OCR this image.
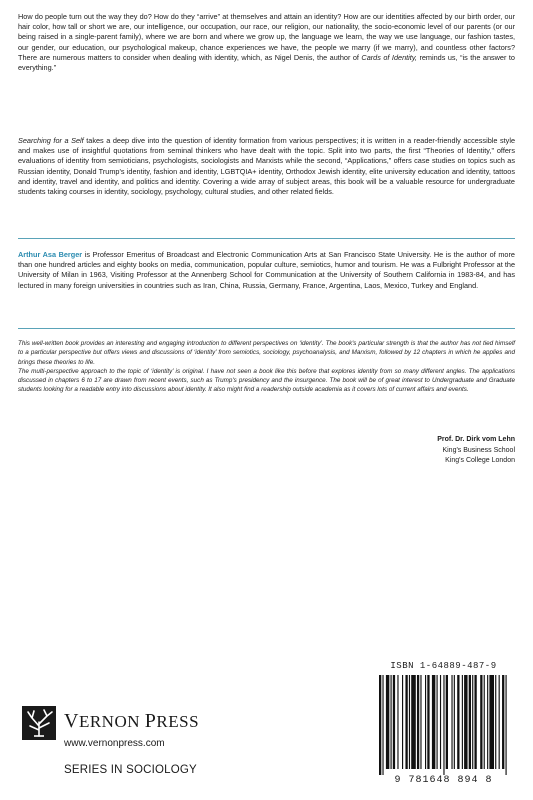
How do people turn out the way they do? How do they “arrive” at themselves and attain an identity? How are our identities affected by our birth order, our hair color, how tall or short we are, our intelligence, our occupation, our race, our religion, our nationality, the socio-economic level of our parents (or our being raised in a single-parent family), where we are born and where we grow up, the language we learn, the way we use language, our fashion tastes, our gender, our education, our psychological makeup, chance experiences we have, the people we marry (if we marry), and countless other factors? There are numerous matters to consider when dealing with identity, which, as Nigel Denis, the author of Cards of Identity, reminds us, “is the answer to everything.”

Searching for a Self takes a deep dive into the question of identity formation from various perspectives; it is written in a reader-friendly accessible style and makes use of insightful quotations from seminal thinkers who have dealt with the topic. Split into two parts, the first “Theories of Identity,” offers evaluations of identity from semioticians, psychologists, sociologists and Marxists while the second, “Applications,” offers case studies on topics such as Russian identity, Donald Trump's identity, fashion and identity, LGBTQIA+ identity, Orthodox Jewish identity, elite university education and identity, tattoos and identity, travel and identity, and politics and identity. Covering a wide array of subject areas, this book will be a valuable resource for undergraduate students taking courses in identity, sociology, psychology, cultural studies, and other related fields.

Arthur Asa Berger is Professor Emeritus of Broadcast and Electronic Communication Arts at San Francisco State University. He is the author of more than one hundred articles and eighty books on media, communication, popular culture, semiotics, humor and tourism. He was a Fulbright Professor at the University of Milan in 1963, Visiting Professor at the Annenberg School for Communication at the University of Southern California in 1983-84, and has lectured in many foreign universities in countries such as Iran, China, Russia, Germany, France, Argentina, Laos, Mexico, Turkey and England.

This well-written book provides an interesting and engaging introduction to different perspectives on ‘identity’. The book's particular strength is that the author has not tied himself to a particular perspective but offers views and discussions of ‘identity’ from semiotics, sociology, psychoanalysis, and Marxism, followed by 12 chapters in which he applies and brings these theories to life.

The multi-perspective approach to the topic of ‘identity’ is original. I have not seen a book like this before that explores identity from so many different angles. The applications discussed in chapters 6 to 17 are drawn from recent events, such as Trump's presidency and the insurgence. The book will be of great interest to Undergraduate and Graduate students looking for a readable entry into discussions about identity. It also might find a readership outside academia as it covers lots of current affairs and events.

Prof. Dr. Dirk vom Lehn
King's Business School
King's College London
VERNON PRESS
www.vernonpress.com
SERIES IN SOCIOLOGY
ISBN 1-64889-487-9
9 781648 894 8
